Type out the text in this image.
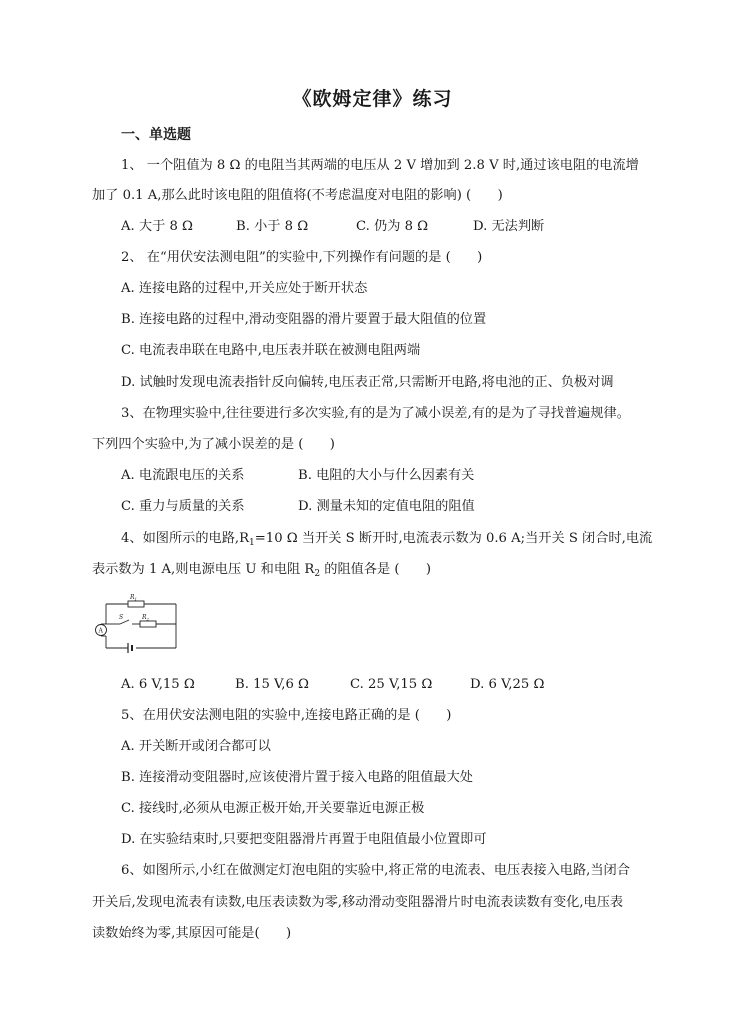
《欧姆定律》练习
一、单选题
1、 一个阻值为 8 Ω 的电阻当其两端的电压从 2 V 增加到 2.8 V 时,通过该电阻的电流增
加了 0.1 A,那么此时该电阻的阻值将(不考虑温度对电阻的影响) (　　)
A. 大于 8 Ω	B. 小于 8 Ω	C. 仍为 8 Ω	D. 无法判断
2、 在“用伏安法测电阻”的实验中,下列操作有问题的是 (　　)
A. 连接电路的过程中,开关应处于断开状态
B. 连接电路的过程中,滑动变阻器的滑片要置于最大阻值的位置
C. 电流表串联在电路中,电压表并联在被测电阻两端
D. 试触时发现电流表指针反向偏转,电压表正常,只需断开电路,将电池的正、负极对调
3、在物理实验中,往往要进行多次实验,有的是为了减小误差,有的是为了寻找普遍规律。
下列四个实验中,为了减小误差的是 (　　)
A. 电流跟电压的关系	B. 电阻的大小与什么因素有关
C. 重力与质量的关系	D. 测量未知的定值电阻的阻值
4、如图所示的电路$,R_1=10$ Ω 当开关 S 断开时,电流表示数为 0.6 A;当开关 S 闭合时,电流
表示数为 1 A,则电源电压 U 和电阻 $R_2$ 的阻值各是 (　　)
$R_1$
$R_2$
S
A
A. 6 V,15 Ω	B. 15 V,6 Ω	C. 25 V,15 Ω	D. 6 V,25 Ω
5、在用伏安法测电阻的实验中,连接电路正确的是 (　　)
A. 开关断开或闭合都可以
B. 连接滑动变阻器时,应该使滑片置于接入电路的阻值最大处
C. 接线时,必须从电源正极开始,开关要靠近电源正极
D. 在实验结束时,只要把变阻器滑片再置于电阻值最小位置即可
6、如图所示,小红在做测定灯泡电阻的实验中,将正常的电流表、电压表接入电路,当闭合
开关后,发现电流表有读数,电压表读数为零,移动滑动变阻器滑片时电流表读数有变化,电压表
读数始终为零,其原因可能是(　　)
